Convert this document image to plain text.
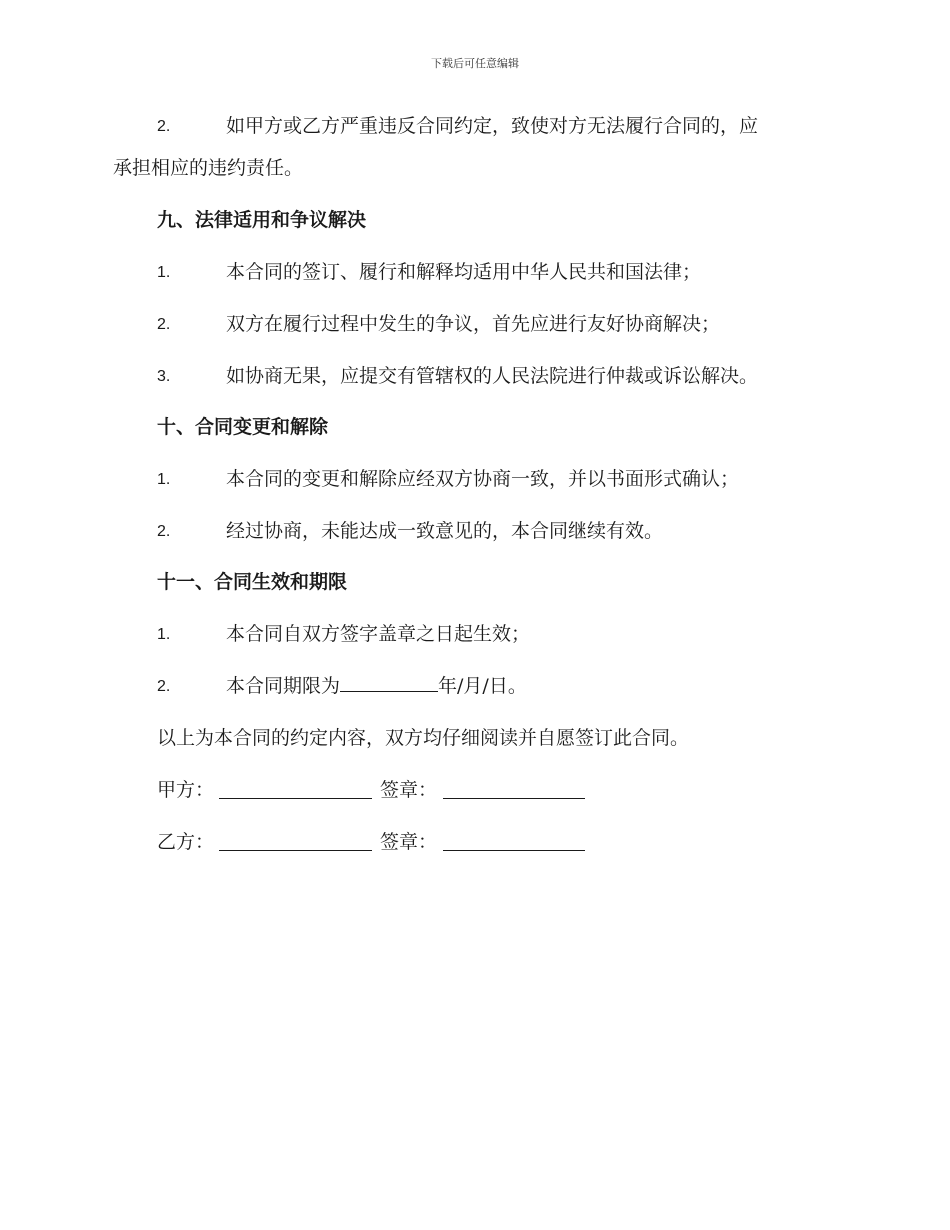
下载后可任意编辑
2.	如甲方或乙方严重违反合同约定，致使对方无法履行合同的，应
承担相应的违约责任。
九、法律适用和争议解决
1.	本合同的签订、履行和解释均适用中华人民共和国法律；
2.	双方在履行过程中发生的争议，首先应进行友好协商解决；
3.	如协商无果，应提交有管辖权的人民法院进行仲裁或诉讼解决。
十、合同变更和解除
1.	本合同的变更和解除应经双方协商一致，并以书面形式确认；
2.	经过协商，未能达成一致意见的，本合同继续有效。
十一、合同生效和期限
1.	本合同自双方签字盖章之日起生效；
2.	本合同期限为	年/月/日。
以上为本合同的约定内容，双方均仔细阅读并自愿签订此合同。
甲方：	签章：
乙方：	签章：
